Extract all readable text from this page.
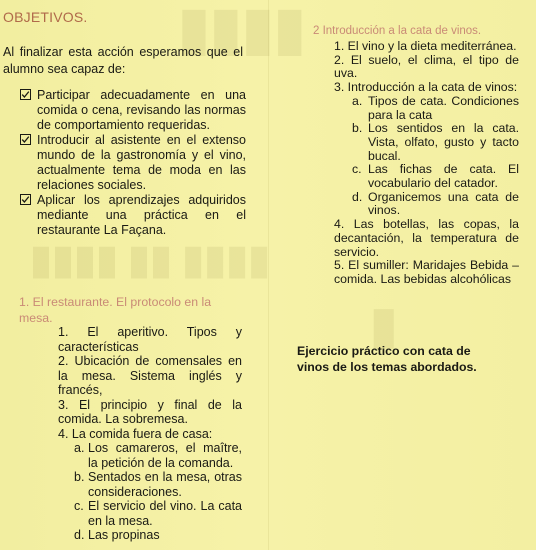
▮▮▮▮
▮▮▮▮ ▮▮ ▮▮▮▮
▮
OBJETIVOS.
Al finalizar esta acción esperamos que el alumno sea capaz de:
Participar adecuadamente en una comida o cena, revisando las normas de comportamiento requeridas.
Introducir al asistente en el extenso mundo de la gastronomía y el vino, actualmente tema de moda en las relaciones sociales.
Aplicar los aprendizajes adquiridos mediante una práctica en el restaurante La Façana.
1. El restaurante. El protocolo en la mesa.
1. El aperitivo. Tipos y características
2. Ubicación de comensales en la mesa. Sistema inglés y francés,
3. El principio y final de la comida. La sobremesa.
4. La comida fuera de casa:
a. Los camareros, el maître, la petición de la comanda.
b. Sentados en la mesa, otras consideraciones.
c. El servicio del vino. La cata en la mesa.
d. Las propinas
2 Introducción a la cata de vinos.
1. El vino y la dieta mediterránea.
2. El suelo, el clima, el tipo de uva.
3. Introducción a la cata de vinos:
a. Tipos de cata. Condiciones para la cata
b. Los sentidos en la cata. Vista, olfato, gusto y tacto bucal.
c. Las fichas de cata. El vocabulario del catador.
d. Organicemos una cata de vinos.
4. Las botellas, las copas, la decantación, la temperatura de servicio.
5. El sumiller: Maridajes Bebida – comida. Las bebidas alcohólicas
Ejercicio práctico con cata de vinos de los temas abordados.
